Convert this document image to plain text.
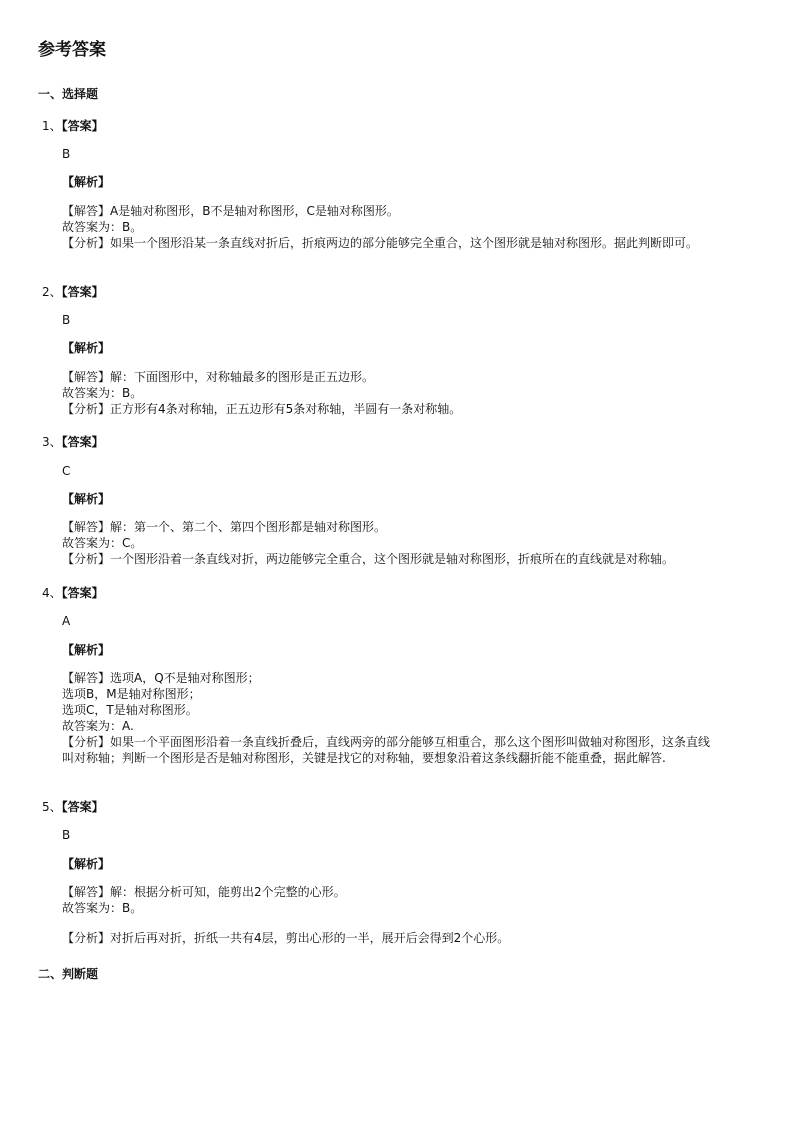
参考答案
一、选择题
1、【答案】
B
【解析】

【解答】A是轴对称图形，B不是轴对称图形，C是轴对称图形。

故答案为：B。

【分析】如果一个图形沿某一条直线对折后，折痕两边的部分能够完全重合，这个图形就是轴对称图形。据此判断即可。

2、【答案】
B
【解析】

【解答】解：下面图形中，对称轴最多的图形是正五边形。

故答案为：B。

【分析】正方形有4条对称轴，正五边形有5条对称轴，半圆有一条对称轴。

3、【答案】
C
【解析】

【解答】解：第一个、第二个、第四个图形都是轴对称图形。

故答案为：C。

【分析】一个图形沿着一条直线对折，两边能够完全重合，这个图形就是轴对称图形，折痕所在的直线就是对称轴。

4、【答案】
A
【解析】

【解答】选项A，Q不是轴对称图形；

选项B，M是轴对称图形；

选项C，T是轴对称图形。

故答案为：A.

【分析】如果一个平面图形沿着一条直线折叠后，直线两旁的部分能够互相重合，那么这个图形叫做轴对称图形，这条直线叫对称轴；判断一个图形是否是轴对称图形，关键是找它的对称轴，要想象沿着这条线翻折能不能重叠，据此解答.

5、【答案】
B
【解析】

【解答】解：根据分析可知，能剪出2个完整的心形。

故答案为：B。

【分析】对折后再对折，折纸一共有4层，剪出心形的一半，展开后会得到2个心形。

二、判断题
